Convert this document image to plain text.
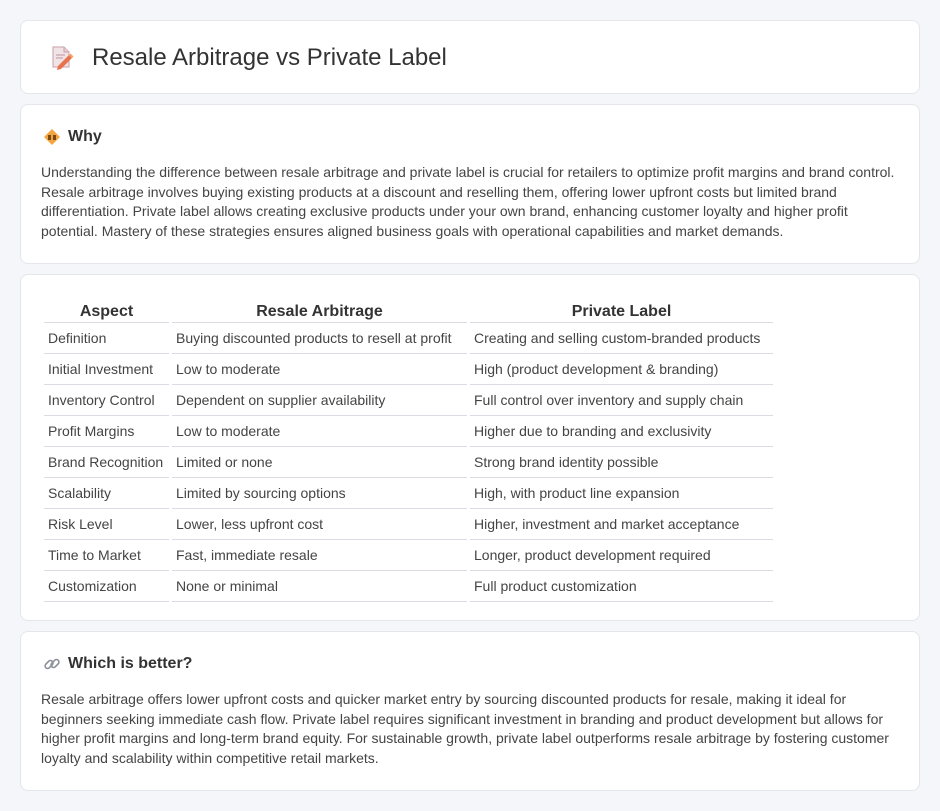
Resale Arbitrage vs Private Label
Why

Understanding the difference between resale arbitrage and private label is crucial for retailers to optimize profit margins and brand control. Resale arbitrage involves buying existing products at a discount and reselling them, offering lower upfront costs but limited brand differentiation. Private label allows creating exclusive products under your own brand, enhancing customer loyalty and higher profit potential. Mastery of these strategies ensures aligned business goals with operational capabilities and market demands.

Aspect	Resale Arbitrage	Private Label
Definition	Buying discounted products to resell at profit	Creating and selling custom-branded products
Initial Investment	Low to moderate	High (product development & branding)
Inventory Control	Dependent on supplier availability	Full control over inventory and supply chain
Profit Margins	Low to moderate	Higher due to branding and exclusivity
Brand Recognition	Limited or none	Strong brand identity possible
Scalability	Limited by sourcing options	High, with product line expansion
Risk Level	Lower, less upfront cost	Higher, investment and market acceptance
Time to Market	Fast, immediate resale	Longer, product development required
Customization	None or minimal	Full product customization
Which is better?

Resale arbitrage offers lower upfront costs and quicker market entry by sourcing discounted products for resale, making it ideal for beginners seeking immediate cash flow. Private label requires significant investment in branding and product development but allows for higher profit margins and long-term brand equity. For sustainable growth, private label outperforms resale arbitrage by fostering customer loyalty and scalability within competitive retail markets.
